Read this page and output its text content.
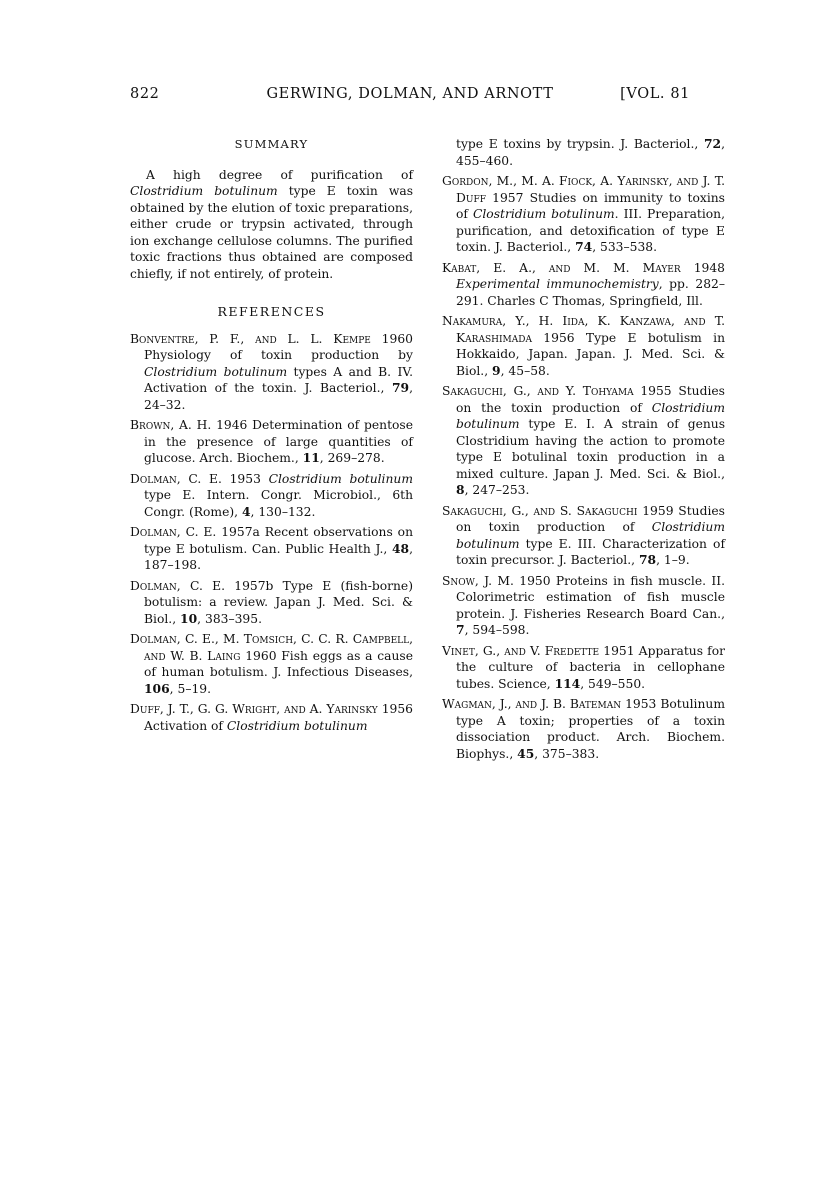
822	GERWING, DOLMAN, AND ARNOTT	[VOL. 81
SUMMARY

A high degree of purification of Clostridium botulinum type E toxin was obtained by the elution of toxic preparations, either crude or trypsin activated, through ion exchange cellulose columns. The purified toxic fractions thus obtained are composed chiefly, if not entirely, of protein.

REFERENCES

Bonventre, P. F., and L. L. Kempe 1960 Physiology of toxin production by Clostridium botulinum types A and B. IV. Activation of the toxin. J. Bacteriol., 79, 24–32.

Brown, A. H. 1946 Determination of pentose in the presence of large quantities of glucose. Arch. Biochem., 11, 269–278.

Dolman, C. E. 1953 Clostridium botulinum type E. Intern. Congr. Microbiol., 6th Congr. (Rome), 4, 130–132.

Dolman, C. E. 1957a Recent observations on type E botulism. Can. Public Health J., 48, 187–198.

Dolman, C. E. 1957b Type E (fish-borne) botulism: a review. Japan J. Med. Sci. & Biol., 10, 383–395.

Dolman, C. E., M. Tomsich, C. C. R. Campbell, and W. B. Laing 1960 Fish eggs as a cause of human botulism. J. Infectious Diseases, 106, 5–19.

Duff, J. T., G. G. Wright, and A. Yarinsky 1956 Activation of Clostridium botulinum

type E toxins by trypsin. J. Bacteriol., 72, 455–460.

Gordon, M., M. A. Fiock, A. Yarinsky, and J. T. Duff 1957 Studies on immunity to toxins of Clostridium botulinum. III. Preparation, purification, and detoxification of type E toxin. J. Bacteriol., 74, 533–538.

Kabat, E. A., and M. M. Mayer 1948 Experimental immunochemistry, pp. 282–291. Charles C Thomas, Springfield, Ill.

Nakamura, Y., H. Iida, K. Kanzawa, and T. Karashimada 1956 Type E botulism in Hokkaido, Japan. Japan. J. Med. Sci. & Biol., 9, 45–58.

Sakaguchi, G., and Y. Tohyama 1955 Studies on the toxin production of Clostridium botulinum type E. I. A strain of genus Clostridium having the action to promote type E botulinal toxin production in a mixed culture. Japan J. Med. Sci. & Biol., 8, 247–253.

Sakaguchi, G., and S. Sakaguchi 1959 Studies on toxin production of Clostridium botulinum type E. III. Characterization of toxin precursor. J. Bacteriol., 78, 1–9.

Snow, J. M. 1950 Proteins in fish muscle. II. Colorimetric estimation of fish muscle protein. J. Fisheries Research Board Can., 7, 594–598.

Vinet, G., and V. Fredette 1951 Apparatus for the culture of bacteria in cellophane tubes. Science, 114, 549–550.

Wagman, J., and J. B. Bateman 1953 Botulinum type A toxin; properties of a toxin dissociation product. Arch. Biochem. Biophys., 45, 375–383.
